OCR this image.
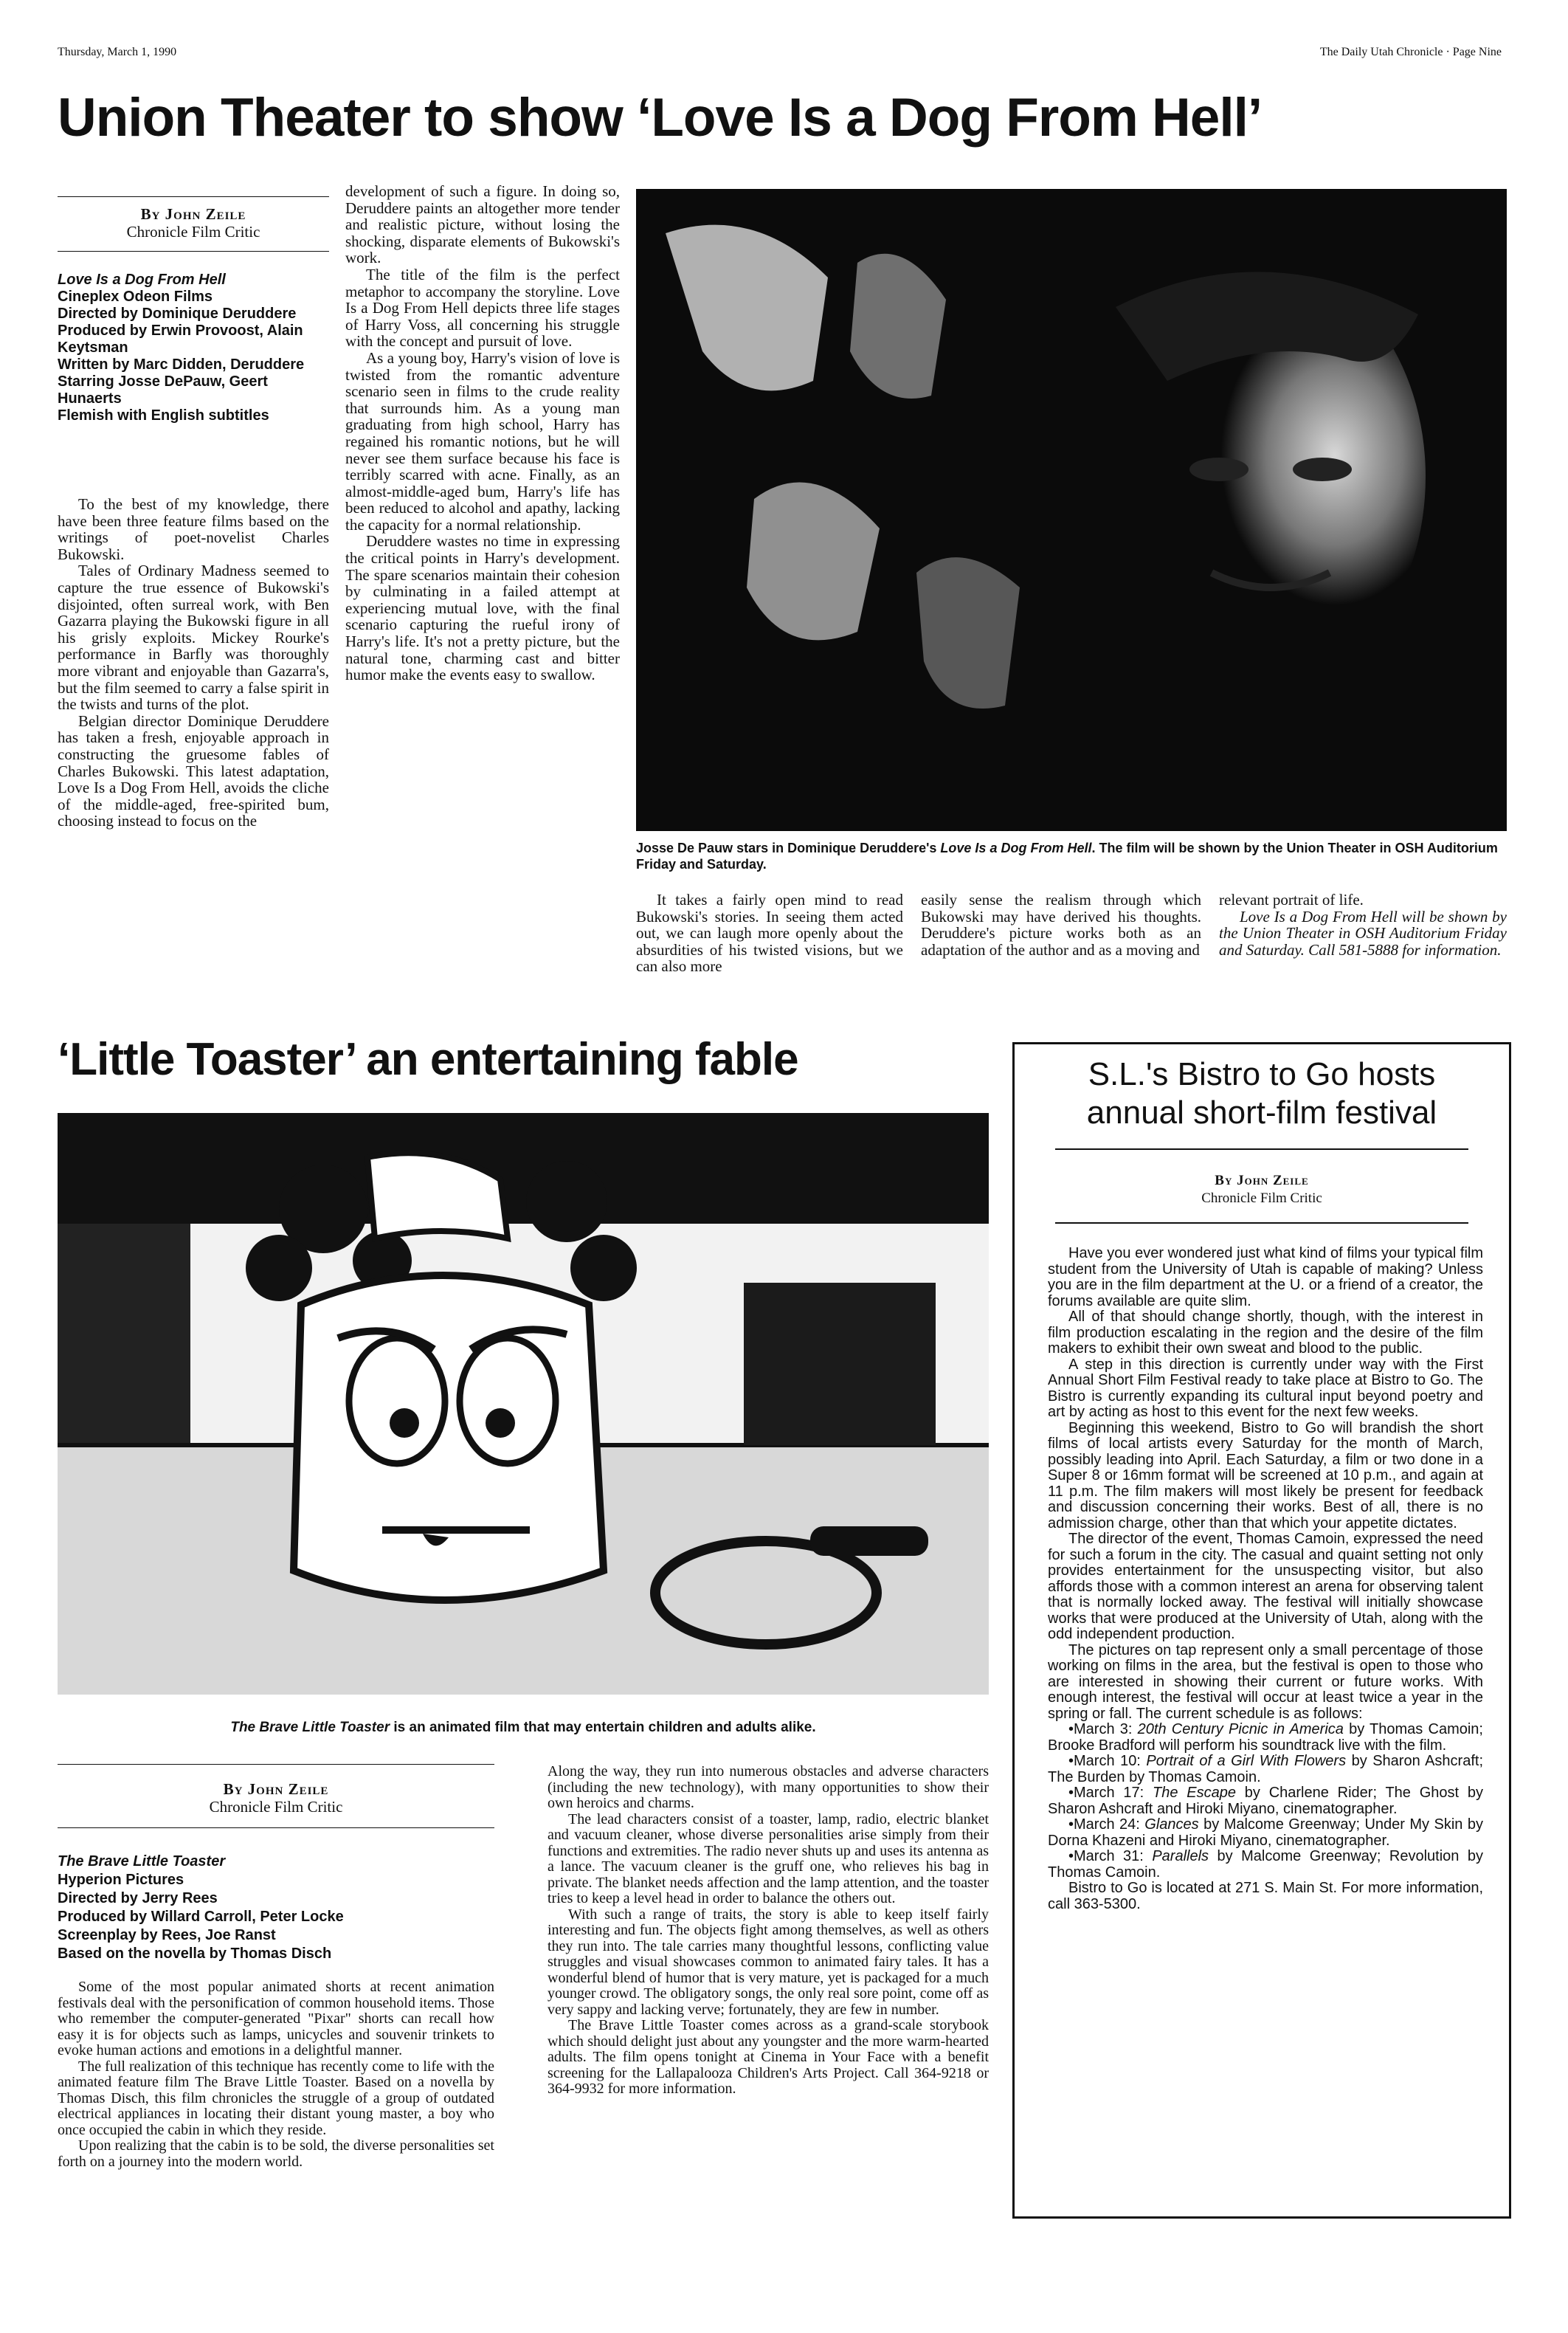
Thursday, March 1, 1990	The Daily Utah Chronicle · Page Nine
Union Theater to show ‘Love Is a Dog From Hell’
By John Zeile
Chronicle Film Critic
Love Is a Dog From Hell
Cineplex Odeon Films
Directed by Dominique Deruddere
Produced by Erwin Provoost, Alain Keytsman
Written by Marc Didden, Deruddere
Starring Josse DePauw, Geert Hunaerts
Flemish with English subtitles

To the best of my knowledge, there have been three feature films based on the writings of poet-novelist Charles Bukowski.

Tales of Ordinary Madness seemed to capture the true essence of Bukowski's disjointed, often surreal work, with Ben Gazarra playing the Bukowski figure in all his grisly exploits. Mickey Rourke's performance in Barfly was thoroughly more vibrant and enjoyable than Gazarra's, but the film seemed to carry a false spirit in the twists and turns of the plot.

Belgian director Dominique Deruddere has taken a fresh, enjoyable approach in constructing the gruesome fables of Charles Bukowski. This latest adaptation, Love Is a Dog From Hell, avoids the cliche of the middle-aged, free-spirited bum, choosing instead to focus on the

development of such a figure. In doing so, Deruddere paints an altogether more tender and realistic picture, without losing the shocking, disparate elements of Bukowski's work.

The title of the film is the perfect metaphor to accompany the storyline. Love Is a Dog From Hell depicts three life stages of Harry Voss, all concerning his struggle with the concept and pursuit of love.

As a young boy, Harry's vision of love is twisted from the romantic adventure scenario seen in films to the crude reality that surrounds him. As a young man graduating from high school, Harry has regained his romantic notions, but he will never see them surface because his face is terribly scarred with acne. Finally, as an almost-middle-aged bum, Harry's life has been reduced to alcohol and apathy, lacking the capacity for a normal relationship.

Deruddere wastes no time in expressing the critical points in Harry's development. The spare scenarios maintain their cohesion by culminating in a failed attempt at experiencing mutual love, with the final scenario capturing the rueful irony of Harry's life. It's not a pretty picture, but the natural tone, charming cast and bitter humor make the events easy to swallow.

Josse De Pauw stars in Dominique Deruddere's Love Is a Dog From Hell. The film will be shown by the Union Theater in OSH Auditorium Friday and Saturday.

It takes a fairly open mind to read Bukowski's stories. In seeing them acted out, we can laugh more openly about the absurdities of his twisted visions, but we can also more

easily sense the realism through which Bukowski may have derived his thoughts. Deruddere's picture works both as an adaptation of the author and as a moving and

relevant portrait of life.

Love Is a Dog From Hell will be shown by the Union Theater in OSH Auditorium Friday and Saturday. Call 581-5888 for information.

‘Little Toaster’ an entertaining fable
The Brave Little Toaster is an animated film that may entertain children and adults alike.
By John Zeile
Chronicle Film Critic
The Brave Little Toaster
Hyperion Pictures
Directed by Jerry Rees
Produced by Willard Carroll, Peter Locke
Screenplay by Rees, Joe Ranst
Based on the novella by Thomas Disch

Some of the most popular animated shorts at recent animation festivals deal with the personification of common household items. Those who remember the computer-generated "Pixar" shorts can recall how easy it is for objects such as lamps, unicycles and souvenir trinkets to evoke human actions and emotions in a delightful manner.

The full realization of this technique has recently come to life with the animated feature film The Brave Little Toaster. Based on a novella by Thomas Disch, this film chronicles the struggle of a group of outdated electrical appliances in locating their distant young master, a boy who once occupied the cabin in which they reside.

Upon realizing that the cabin is to be sold, the diverse personalities set forth on a journey into the modern world.

Along the way, they run into numerous obstacles and adverse characters (including the new technology), with many opportunities to show their own heroics and charms.

The lead characters consist of a toaster, lamp, radio, electric blanket and vacuum cleaner, whose diverse personalities arise simply from their functions and extremities. The radio never shuts up and uses its antenna as a lance. The vacuum cleaner is the gruff one, who relieves his bag in private. The blanket needs affection and the lamp attention, and the toaster tries to keep a level head in order to balance the others out.

With such a range of traits, the story is able to keep itself fairly interesting and fun. The objects fight among themselves, as well as others they run into. The tale carries many thoughtful lessons, conflicting value struggles and visual showcases common to animated fairy tales. It has a wonderful blend of humor that is very mature, yet is packaged for a much younger crowd. The obligatory songs, the only real sore point, come off as very sappy and lacking verve; fortunately, they are few in number.

The Brave Little Toaster comes across as a grand-scale storybook which should delight just about any youngster and the more warm-hearted adults. The film opens tonight at Cinema in Your Face with a benefit screening for the Lallapalooza Children's Arts Project. Call 364-9218 or 364-9932 for more information.

S.L.'s Bistro to Go hosts
annual short-film festival
By John Zeile
Chronicle Film Critic

Have you ever wondered just what kind of films your typical film student from the University of Utah is capable of making? Unless you are in the film department at the U. or a friend of a creator, the forums available are quite slim.

All of that should change shortly, though, with the interest in film production escalating in the region and the desire of the film makers to exhibit their own sweat and blood to the public.

A step in this direction is currently under way with the First Annual Short Film Festival ready to take place at Bistro to Go. The Bistro is currently expanding its cultural input beyond poetry and art by acting as host to this event for the next few weeks.

Beginning this weekend, Bistro to Go will brandish the short films of local artists every Saturday for the month of March, possibly leading into April. Each Saturday, a film or two done in a Super 8 or 16mm format will be screened at 10 p.m., and again at 11 p.m. The film makers will most likely be present for feedback and discussion concerning their works. Best of all, there is no admission charge, other than that which your appetite dictates.

The director of the event, Thomas Camoin, expressed the need for such a forum in the city. The casual and quaint setting not only provides entertainment for the unsuspecting visitor, but also affords those with a common interest an arena for observing talent that is normally locked away. The festival will initially showcase works that were produced at the University of Utah, along with the odd independent production.

The pictures on tap represent only a small percentage of those working on films in the area, but the festival is open to those who are interested in showing their current or future works. With enough interest, the festival will occur at least twice a year in the spring or fall. The current schedule is as follows:

•March 3: 20th Century Picnic in America by Thomas Camoin; Brooke Bradford will perform his soundtrack live with the film.

•March 10: Portrait of a Girl With Flowers by Sharon Ashcraft; The Burden by Thomas Camoin.

•March 17: The Escape by Charlene Rider; The Ghost by Sharon Ashcraft and Hiroki Miyano, cinematographer.

•March 24: Glances by Malcome Greenway; Under My Skin by Dorna Khazeni and Hiroki Miyano, cinematographer.

•March 31: Parallels by Malcome Greenway; Revolution by Thomas Camoin.

Bistro to Go is located at 271 S. Main St. For more information, call 363-5300.
